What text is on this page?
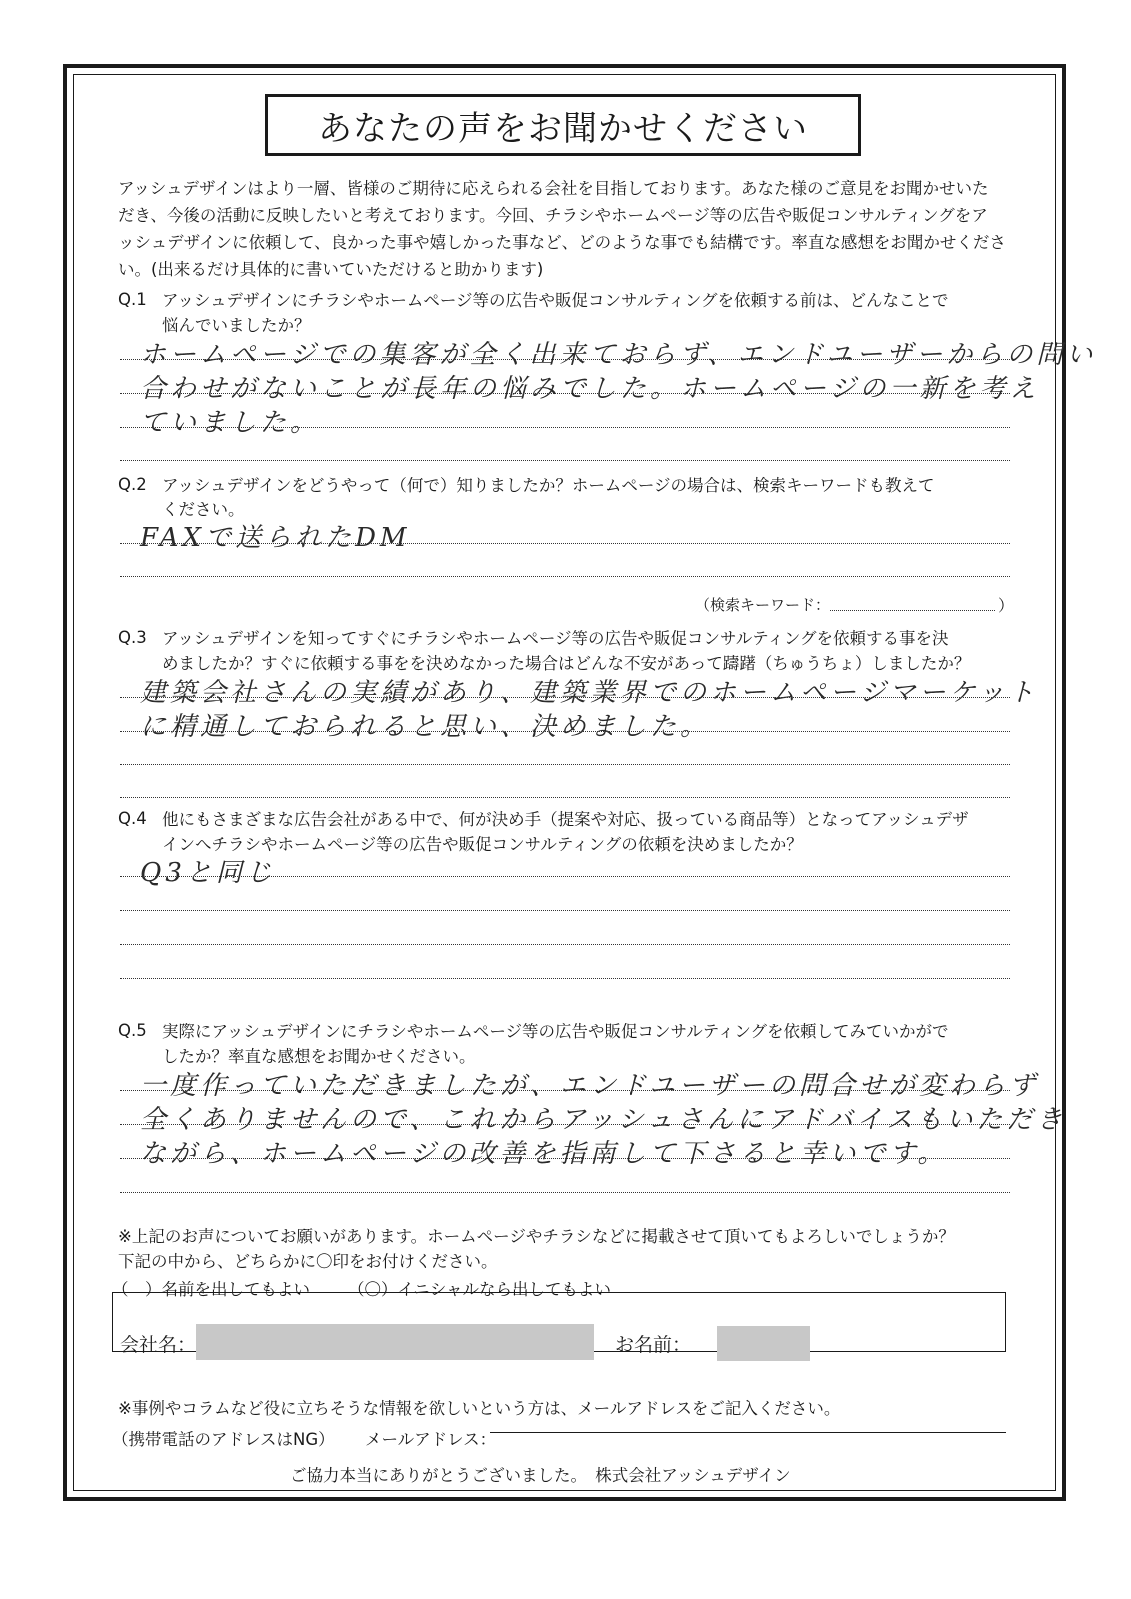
あなたの声をお聞かせください
アッシュデザインはより一層、皆様のご期待に応えられる会社を目指しております。あなた様のご意見をお聞かせいた
だき、今後の活動に反映したいと考えております。今回、チラシやホームページ等の広告や販促コンサルティングをア
ッシュデザインに依頼して、良かった事や嬉しかった事など、どのような事でも結構です。率直な感想をお聞かせくださ
い。(出来るだけ具体的に書いていただけると助かります)
Q.1 アッシュデザインにチラシやホームページ等の広告や販促コンサルティングを依頼する前は、どんなことで
悩んでいましたか？
ホームページでの集客が全く出来ておらず、エンドユーザーからの問い
合わせがないことが長年の悩みでした。ホームページの一新を考え
ていました。
Q.2 アッシュデザインをどうやって（何で）知りましたか？ホームページの場合は、検索キーワードも教えて
ください。
FAXで送られたDM
（検索キーワード：	）
Q.3 アッシュデザインを知ってすぐにチラシやホームページ等の広告や販促コンサルティングを依頼する事を決
めましたか？すぐに依頼する事をを決めなかった場合はどんな不安があって躊躇（ちゅうちょ）しましたか？
建築会社さんの実績があり、建築業界でのホームページマーケット
に精通しておられると思い、決めました。
Q.4 他にもさまざまな広告会社がある中で、何が決め手（提案や対応、扱っている商品等）となってアッシュデザ
インへチラシやホームページ等の広告や販促コンサルティングの依頼を決めましたか？
Q3と同じ
Q.5 実際にアッシュデザインにチラシやホームページ等の広告や販促コンサルティングを依頼してみていかがで
したか？率直な感想をお聞かせください。
一度作っていただきましたが、エンドユーザーの問合せが変わらず
全くありませんので、これからアッシュさんにアドバイスもいただき
ながら、ホームページの改善を指南して下さると幸いです。
※上記のお声についてお願いがあります。ホームページやチラシなどに掲載させて頂いてもよろしいでしょうか？
下記の中から、どちらかに〇印をお付けください。
（　）名前を出してもよい （〇）イニシャルなら出してもよい
会社名：	お名前：
※事例やコラムなど役に立ちそうな情報を欲しいという方は、メールアドレスをご記入ください。
（携帯電話のアドレスはNG） メールアドレス：
ご協力本当にありがとうございました。　株式会社アッシュデザイン
